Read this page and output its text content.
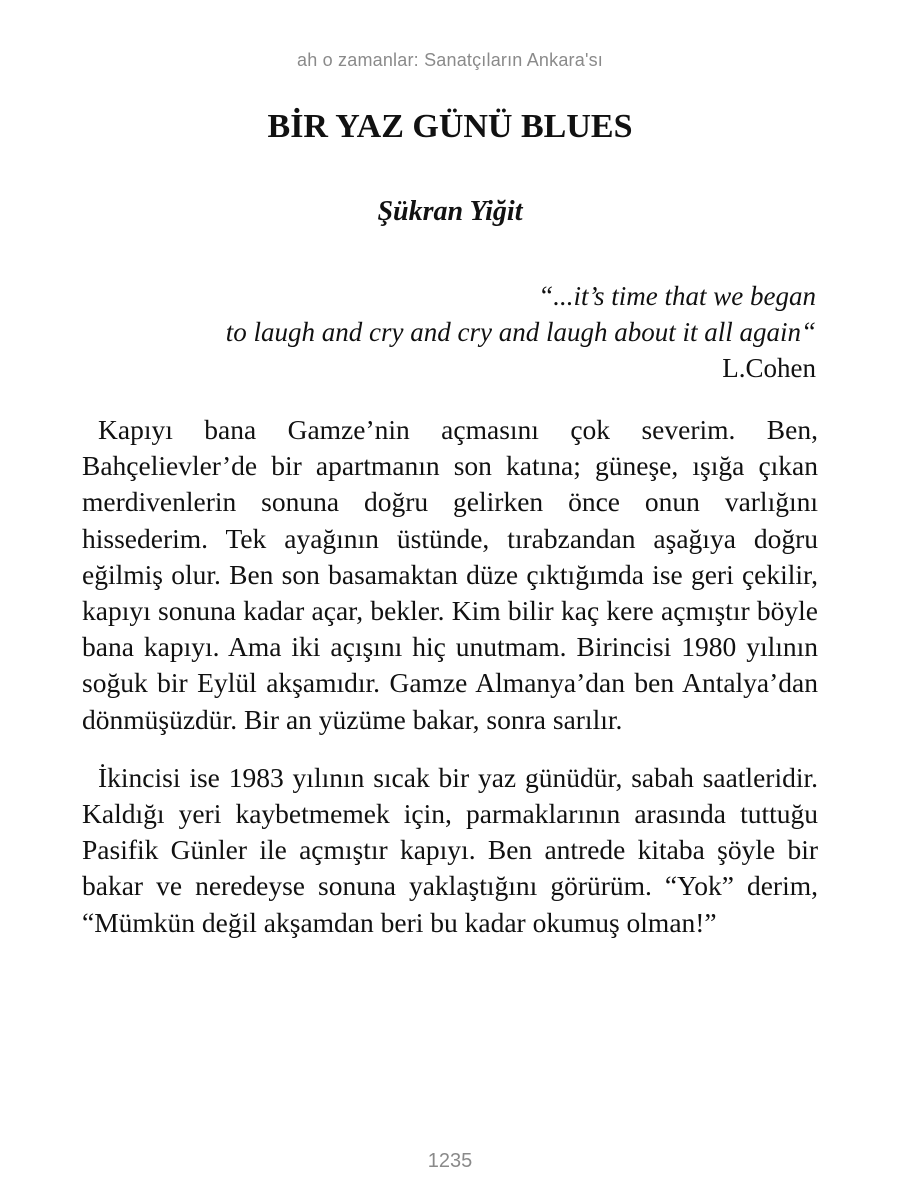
ah o zamanlar: Sanatçıların Ankara'sı
BİR YAZ GÜNÜ BLUES
Şükran Yiğit
“...it’s time that we began
to laugh and cry and cry and laugh about it all again“
L.Cohen

Kapıyı bana Gamze’nin açmasını çok severim. Ben, Bahçelievler’de bir apartmanın son katına; güneşe, ışığa çıkan merdivenlerin sonuna doğru gelirken önce onun varlığını hissederim. Tek ayağının üstünde, tırabzandan aşağıya doğru eğilmiş olur. Ben son basamaktan düze çıktığımda ise geri çekilir, kapıyı sonuna kadar açar, bekler. Kim bilir kaç kere açmıştır böyle bana kapıyı. Ama iki açışını hiç unutmam. Birincisi 1980 yılının soğuk bir Eylül akşamıdır. Gamze Almanya’dan ben Antalya’dan dönmüşüzdür. Bir an yüzüme bakar, sonra sarılır.

İkincisi ise 1983 yılının sıcak bir yaz günüdür, sabah saatleridir. Kaldığı yeri kaybetmemek için, parmaklarının arasında tuttuğu Pasifik Günler ile açmıştır kapıyı. Ben antrede kitaba şöyle bir bakar ve neredeyse sonuna yaklaştığını görürüm. “Yok” derim, “Mümkün değil akşamdan beri bu kadar okumuş olman!”

1235
